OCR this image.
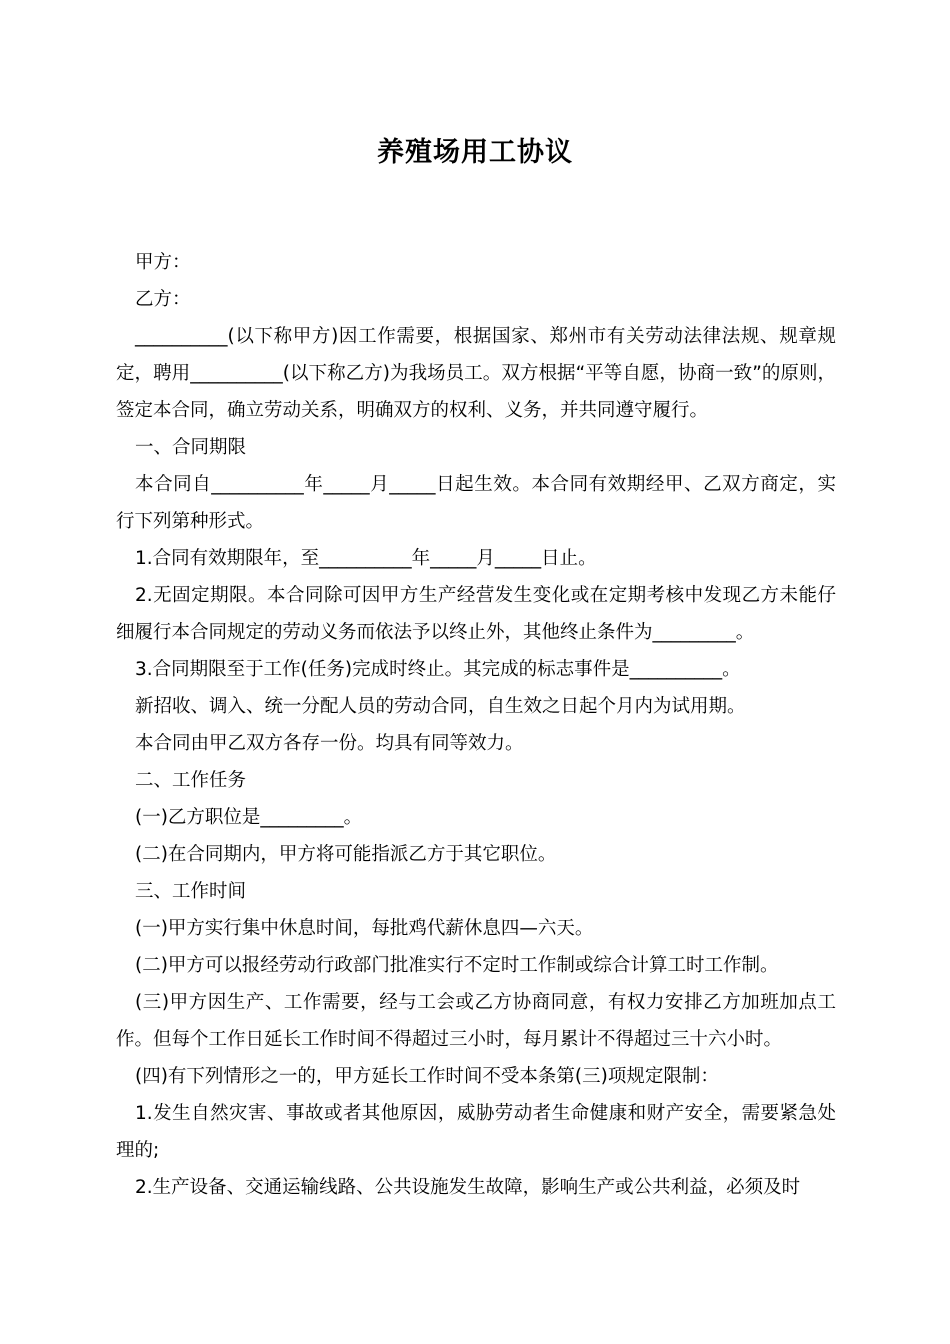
养殖场用工协议

甲方：

乙方：

__________(以下称甲方)因工作需要，根据国家、郑州市有关劳动法律法规、规章规定，聘用__________(以下称乙方)为我场员工。双方根据“平等自愿，协商一致”的原则，签定本合同，确立劳动关系，明确双方的权利、义务，并共同遵守履行。

一、合同期限

本合同自__________年_____月_____日起生效。本合同有效期经甲、乙双方商定，实行下列第种形式。

1.合同有效期限年，至__________年_____月_____日止。

2.无固定期限。本合同除可因甲方生产经营发生变化或在定期考核中发现乙方未能仔细履行本合同规定的劳动义务而依法予以终止外，其他终止条件为_________。

3.合同期限至于工作(任务)完成时终止。其完成的标志事件是__________。

新招收、调入、统一分配人员的劳动合同，自生效之日起个月内为试用期。

本合同由甲乙双方各存一份。均具有同等效力。

二、工作任务

(一)乙方职位是_________。

(二)在合同期内，甲方将可能指派乙方于其它职位。

三、工作时间

(一)甲方实行集中休息时间，每批鸡代薪休息四—六天。

(二)甲方可以报经劳动行政部门批准实行不定时工作制或综合计算工时工作制。

(三)甲方因生产、工作需要，经与工会或乙方协商同意，有权力安排乙方加班加点工作。但每个工作日延长工作时间不得超过三小时，每月累计不得超过三十六小时。

(四)有下列情形之一的，甲方延长工作时间不受本条第(三)项规定限制：

1.发生自然灾害、事故或者其他原因，威胁劳动者生命健康和财产安全，需要紧急处理的;

2.生产设备、交通运输线路、公共设施发生故障，影响生产或公共利益，必须及时
